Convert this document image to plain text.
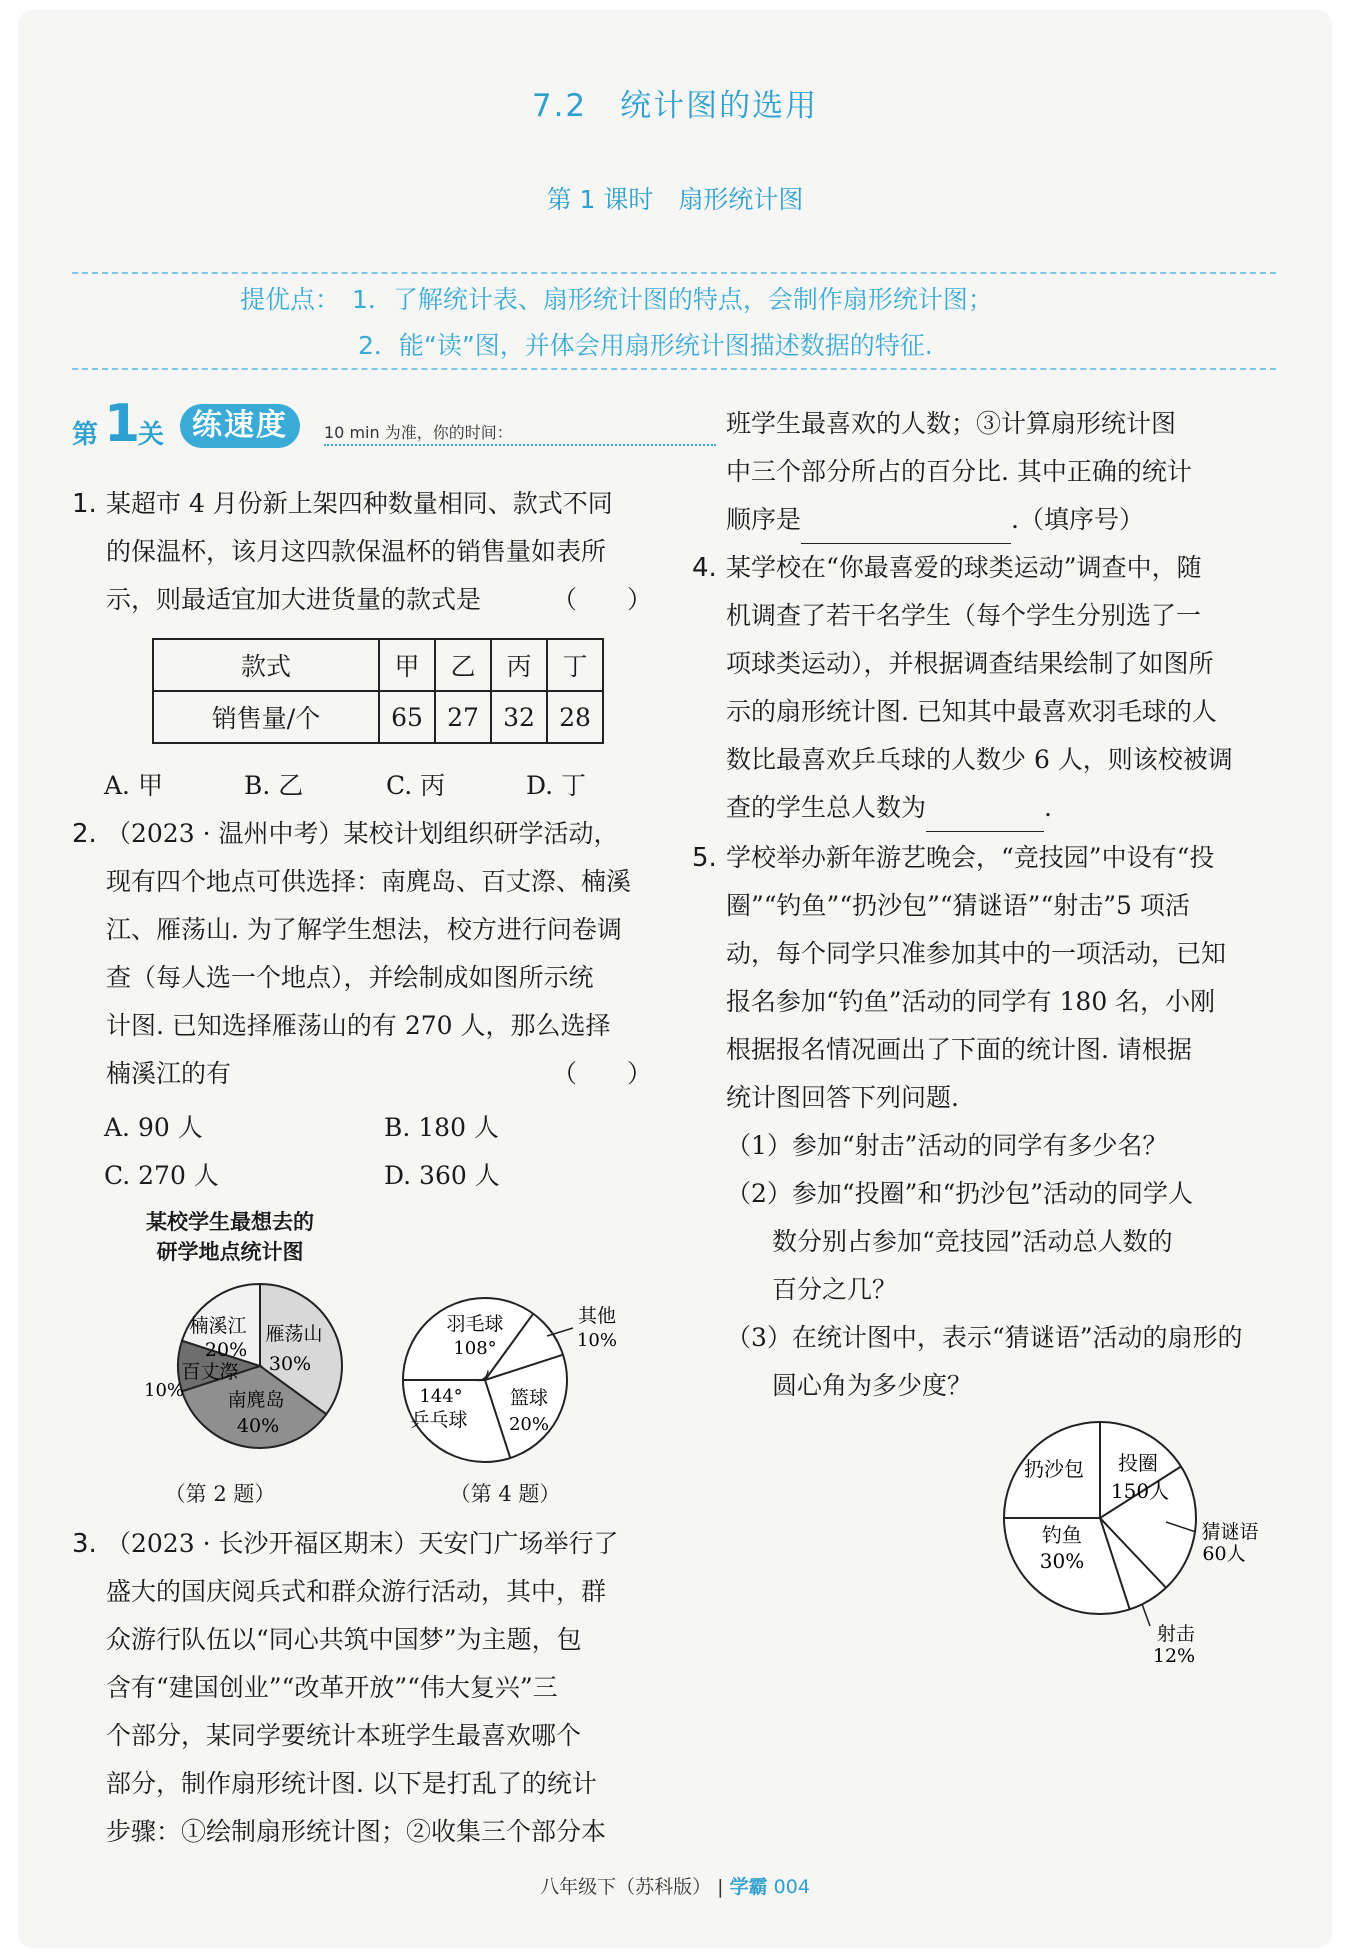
7.2　统计图的选用
第 1 课时　扇形统计图
提优点： 1．了解统计表、扇形统计图的特点，会制作扇形统计图；
2．能“读”图，并体会用扇形统计图描述数据的特征.
第 1
关 练速度	10 min 为准，你的时间：
1. 某超市 4 月份新上架四种数量相同、款式不同
的保温杯，该月这四款保温杯的销售量如表所
示，则最适宜加大进货量的款式是	（　　）
款式	甲	乙	丙	丁
销售量/个	65	27	32	28
A. 甲	B. 乙	C. 丙	D. 丁
2. （2023 · 温州中考）某校计划组织研学活动，
现有四个地点可供选择：南麂岛、百丈漈、楠溪
江、雁荡山. 为了解学生想法，校方进行问卷调
查（每人选一个地点），并绘制成如图所示统
计图. 已知选择雁荡山的有 270 人，那么选择
楠溪江的有	（　　）
A. 90 人	B. 180 人
C. 270 人	D. 360 人
某校学生最想去的
研学地点统计图
楠溪江
20%
雁荡山
30%
百丈漈
10% 南麂岛
40%
（第 2 题）
羽毛球
108°
其他
10%
144°
乒乓球
篮球
20%
（第 4 题）
3. （2023 · 长沙开福区期末）天安门广场举行了
盛大的国庆阅兵式和群众游行活动，其中，群
众游行队伍以“同心共筑中国梦”为主题，包
含有“建国创业”“改革开放”“伟大复兴”三
个部分，某同学要统计本班学生最喜欢哪个
部分，制作扇形统计图. 以下是打乱了的统计
步骤：①绘制扇形统计图；②收集三个部分本
班学生最喜欢的人数；③计算扇形统计图
中三个部分所占的百分比. 其中正确的统计
顺序是	.（填序号）
4. 某学校在“你最喜爱的球类运动”调查中，随
机调查了若干名学生（每个学生分别选了一
项球类运动），并根据调查结果绘制了如图所
示的扇形统计图. 已知其中最喜欢羽毛球的人
数比最喜欢乒乓球的人数少 6 人，则该校被调
查的学生总人数为	.
5. 学校举办新年游艺晚会，“竞技园”中设有“投
圈”“钓鱼”“扔沙包”“猜谜语”“射击”5 项活
动，每个同学只准参加其中的一项活动，已知
报名参加“钓鱼”活动的同学有 180 名，小刚
根据报名情况画出了下面的统计图. 请根据
统计图回答下列问题.
（1）参加“射击”活动的同学有多少名？
（2）参加“投圈”和“扔沙包”活动的同学人
数分别占参加“竞技园”活动总人数的
百分之几？
（3）在统计图中，表示“猜谜语”活动的扇形的
圆心角为多少度？
扔沙包 投圈
150人
猜谜语
60人
钓鱼
30%
射击
12%
八年级下（苏科版） | 学霸 004
